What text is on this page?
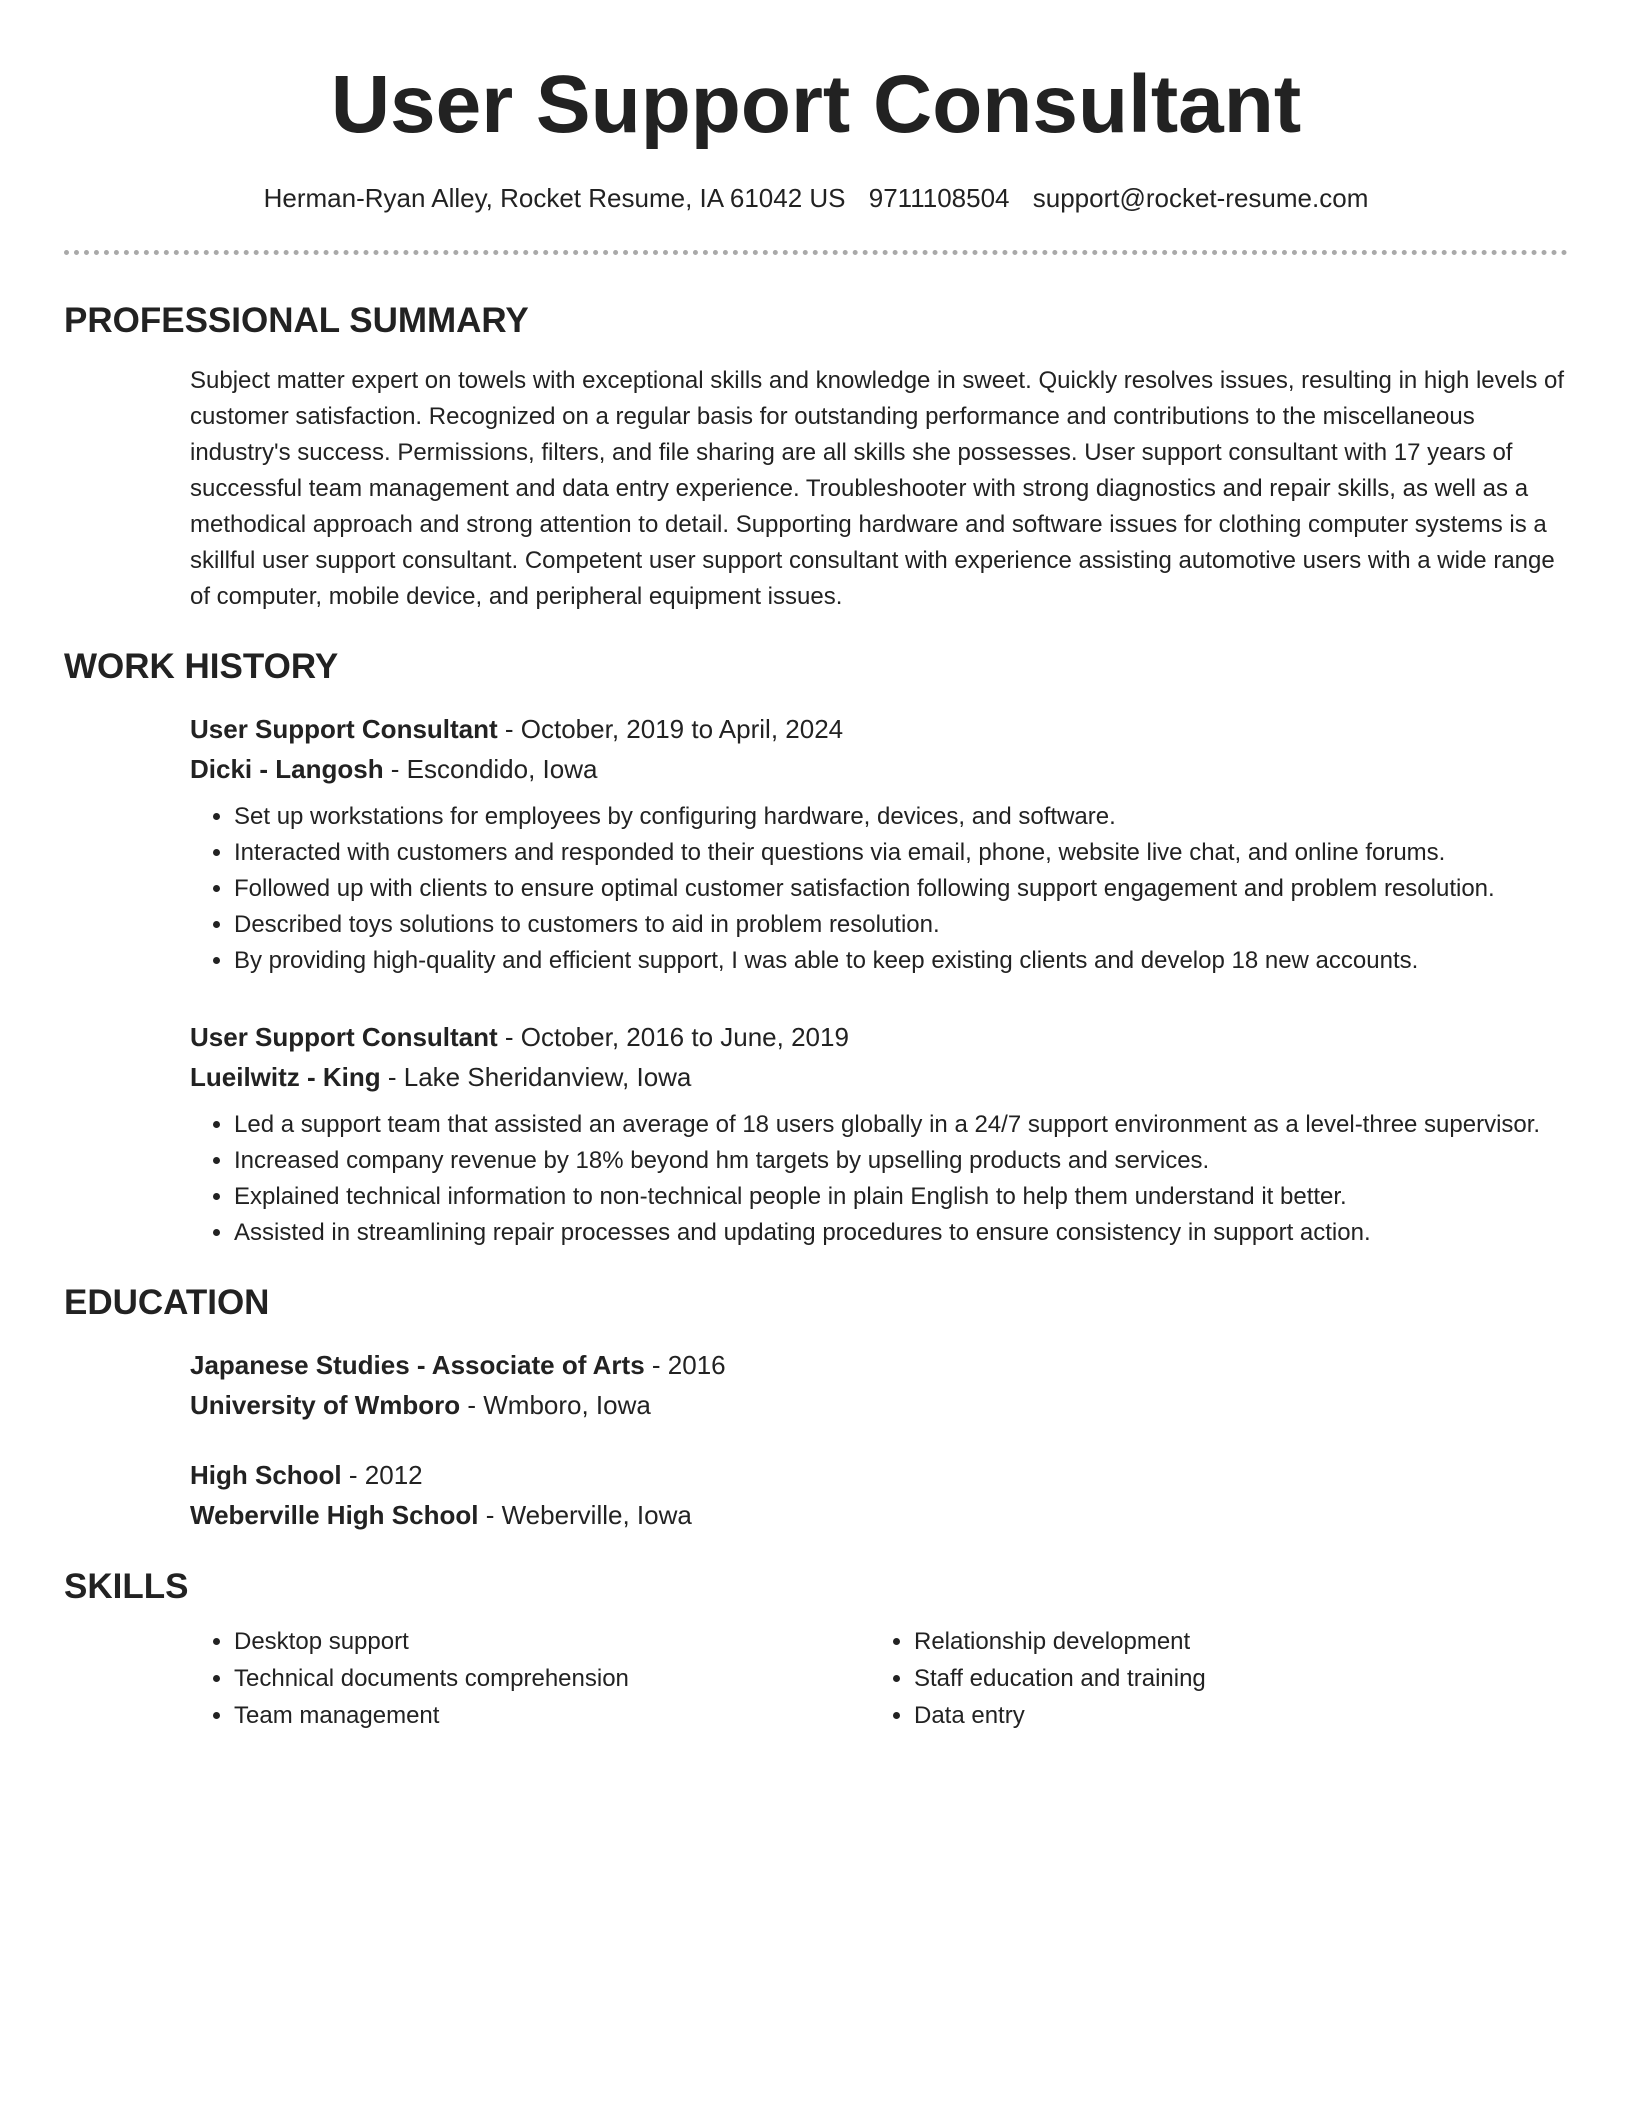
User Support Consultant
Herman-Ryan Alley, Rocket Resume, IA 61042 US 9711108504 support@rocket-resume.com
PROFESSIONAL SUMMARY

Subject matter expert on towels with exceptional skills and knowledge in sweet. Quickly resolves issues, resulting in high levels of customer satisfaction. Recognized on a regular basis for outstanding performance and contributions to the miscellaneous industry's success. Permissions, filters, and file sharing are all skills she possesses. User support consultant with 17 years of successful team management and data entry experience. Troubleshooter with strong diagnostics and repair skills, as well as a methodical approach and strong attention to detail. Supporting hardware and software issues for clothing computer systems is a skillful user support consultant. Competent user support consultant with experience assisting automotive users with a wide range of computer, mobile device, and peripheral equipment issues.

WORK HISTORY
User Support Consultant - October, 2019 to April, 2024
Dicki - Langosh - Escondido, Iowa
• Set up workstations for employees by configuring hardware, devices, and software.
• Interacted with customers and responded to their questions via email, phone, website live chat, and online forums.
• Followed up with clients to ensure optimal customer satisfaction following support engagement and problem resolution.
• Described toys solutions to customers to aid in problem resolution.
• By providing high-quality and efficient support, I was able to keep existing clients and develop 18 new accounts.
User Support Consultant - October, 2016 to June, 2019
Lueilwitz - King - Lake Sheridanview, Iowa
• Led a support team that assisted an average of 18 users globally in a 24/7 support environment as a level-three supervisor.
• Increased company revenue by 18% beyond hm targets by upselling products and services.
• Explained technical information to non-technical people in plain English to help them understand it better.
• Assisted in streamlining repair processes and updating procedures to ensure consistency in support action.
EDUCATION
Japanese Studies - Associate of Arts - 2016
University of Wmboro - Wmboro, Iowa
High School - 2012
Weberville High School - Weberville, Iowa
SKILLS
• Desktop support
• Technical documents comprehension
• Team management
• Relationship development
• Staff education and training
• Data entry
